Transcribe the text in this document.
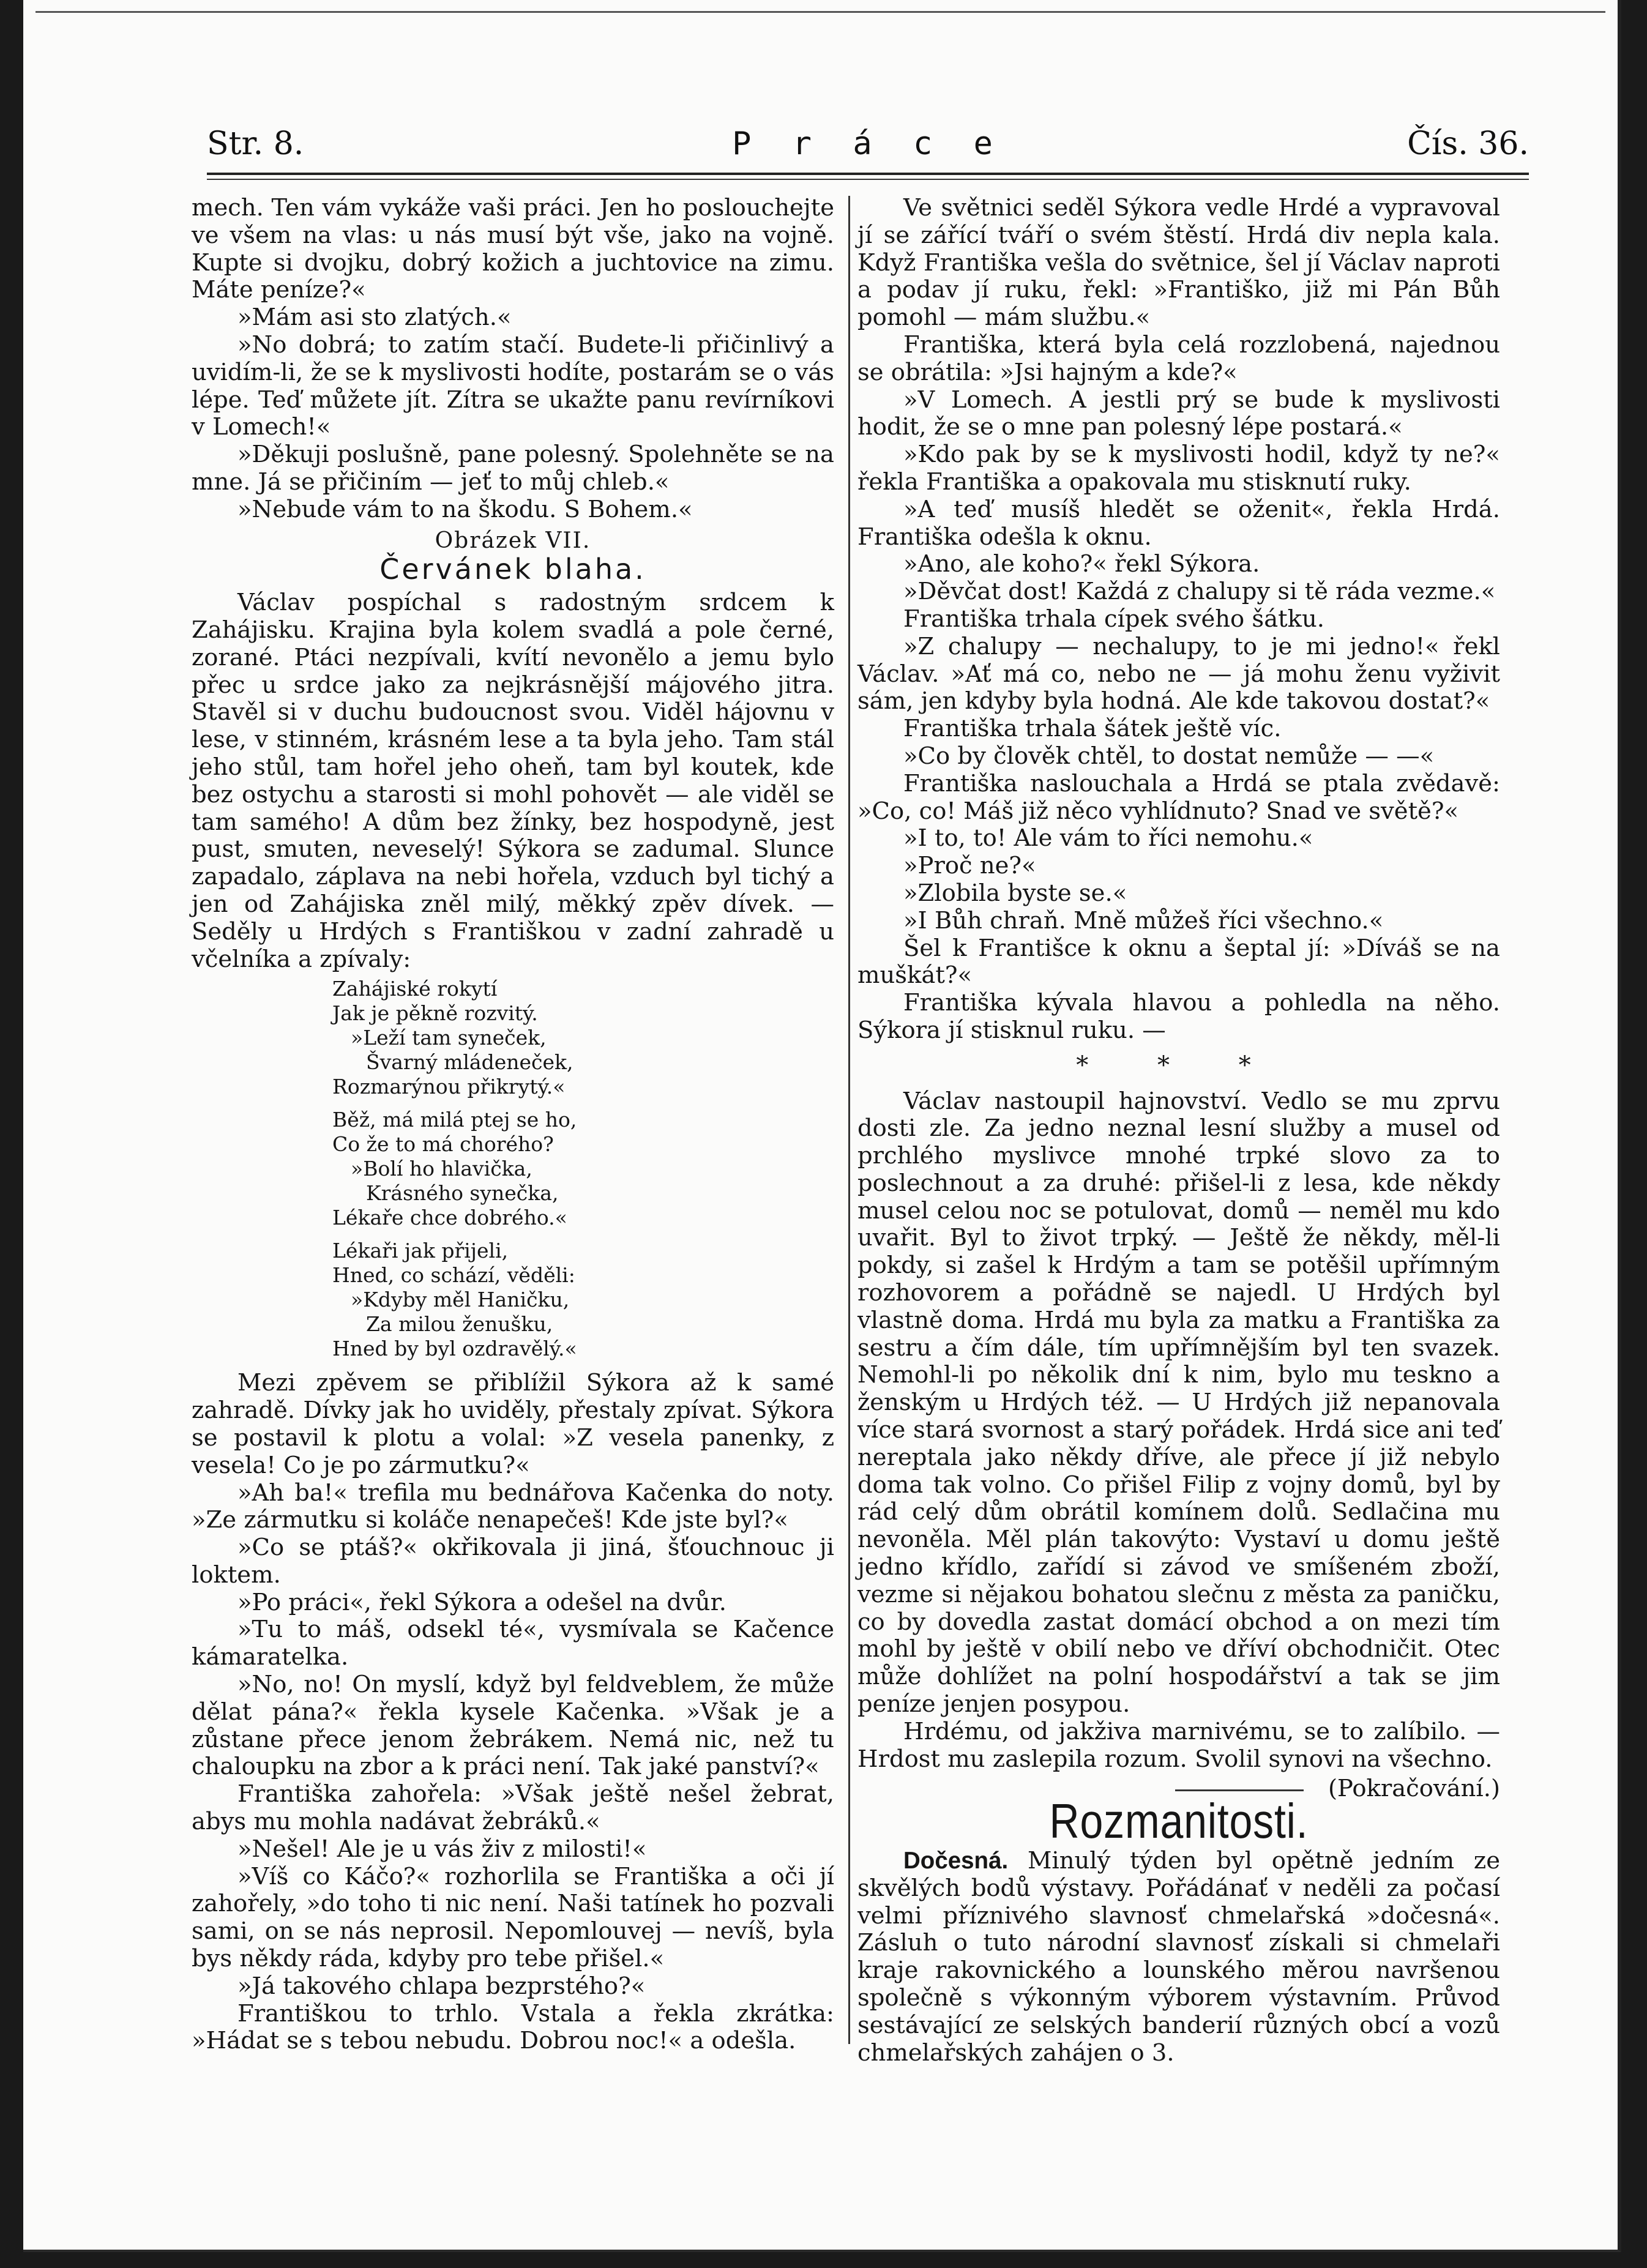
Str. 8.	P r á c e	Čís. 36.

mech. Ten vám vykáže vaši práci. Jen ho poslouchejte ve všem na vlas: u nás musí být vše, jako na vojně. Kupte si dvojku, dobrý kožich a juchtovice na zimu. Máte peníze?«

»Mám asi sto zlatých.«

»No dobrá; to zatím stačí. Budete-li přičinlivý a uvidím-li, že se k myslivosti hodíte, postarám se o vás lépe. Teď můžete jít. Zítra se ukažte panu revírníkovi v Lomech!«

»Děkuji poslušně, pane polesný. Spolehněte se na mne. Já se přičiním — jeť to můj chleb.«

»Nebude vám to na škodu. S Bohem.«

Obrázek VII.
Červánek blaha.

Václav pospíchal s radostným srdcem k Zahájisku. Krajina byla kolem svadlá a pole černé, zorané. Ptáci nezpívali, kvítí nevonělo a jemu bylo přec u srdce jako za nejkrásnější májového jitra. Stavěl si v duchu budoucnost svou. Viděl hájovnu v lese, v stinném, krásném lese a ta byla jeho. Tam stál jeho stůl, tam hořel jeho oheň, tam byl koutek, kde bez ostychu a starosti si mohl pohovět — ale viděl se tam samého! A dům bez žínky, bez hospodyně, jest pust, smuten, neveselý! Sýkora se zadumal. Slunce zapadalo, záplava na nebi hořela, vzduch byl tichý a jen od Zahájiska zněl milý, měkký zpěv dívek. — Seděly u Hrdých s Františkou v zadní zahradě u včelníka a zpívaly:

Zahájiské rokytí
Jak je pěkně rozvitý.
»Leží tam syneček,
Švarný mládeneček,
Rozmarýnou přikrytý.«
Běž, má milá ptej se ho,
Co že to má chorého?
»Bolí ho hlavička,
Krásného synečka,
Lékaře chce dobrého.«
Lékaři jak přijeli,
Hned, co schází, věděli:
»Kdyby měl Haničku,
Za milou ženušku,
Hned by byl ozdravělý.«

Mezi zpěvem se přiblížil Sýkora až k samé zahradě. Dívky jak ho uviděly, přestaly zpívat. Sýkora se postavil k plotu a volal: »Z vesela panenky, z vesela! Co je po zármutku?«

»Ah ba!« trefila mu bednářova Kačenka do noty. »Ze zármutku si koláče nenapečeš! Kde jste byl?«

»Co se ptáš?« okřikovala ji jiná, šťouchnouc ji loktem.

»Po práci«, řekl Sýkora a odešel na dvůr.

»Tu to máš, odsekl té«, vysmívala se Kačence kámaratelka.

»No, no! On myslí, když byl feldveblem, že může dělat pána?« řekla kysele Kačenka. »Však je a zůstane přece jenom žebrákem. Nemá nic, než tu chaloupku na zbor a k práci není. Tak jaké panství?«

Františka zahořela: »Však ještě nešel žebrat, abys mu mohla nadávat žebráků.«

»Nešel! Ale je u vás živ z milosti!«

»Víš co Káčo?« rozhorlila se Františka a oči jí zahořely, »do toho ti nic není. Naši tatínek ho pozvali sami, on se nás neprosil. Nepomlouvej — nevíš, byla bys někdy ráda, kdyby pro tebe přišel.«

»Já takového chlapa bezprstého?«

Františkou to trhlo. Vstala a řekla zkrátka: »Hádat se s tebou nebudu. Dobrou noc!« a odešla.

Ve světnici seděl Sýkora vedle Hrdé a vypravoval jí se zářící tváří o svém štěstí. Hrdá div nepla kala. Když Františka vešla do světnice, šel jí Václav naproti a podav jí ruku, řekl: »Františko, již mi Pán Bůh pomohl — mám službu.«

Františka, která byla celá rozzlobená, najednou se obrátila: »Jsi hajným a kde?«

»V Lomech. A jestli prý se bude k myslivosti hodit, že se o mne pan polesný lépe postará.«

»Kdo pak by se k myslivosti hodil, když ty ne?« řekla Františka a opakovala mu stisknutí ruky.

»A teď musíš hledět se oženit«, řekla Hrdá. Františka odešla k oknu.

»Ano, ale koho?« řekl Sýkora.

»Děvčat dost! Každá z chalupy si tě ráda vezme.«

Františka trhala cípek svého šátku.

»Z chalupy — nechalupy, to je mi jedno!« řekl Václav. »Ať má co, nebo ne — já mohu ženu vyživit sám, jen kdyby byla hodná. Ale kde takovou dostat?«

Františka trhala šátek ještě víc.

»Co by člověk chtěl, to dostat nemůže — —«

Františka naslouchala a Hrdá se ptala zvědavě: »Co, co! Máš již něco vyhlídnuto? Snad ve světě?«

»I to, to! Ale vám to říci nemohu.«

»Proč ne?«

»Zlobila byste se.«

»I Bůh chraň. Mně můžeš říci všechno.«

Šel k Františce k oknu a šeptal jí: »Díváš se na muškát?«

Františka kývala hlavou a pohledla na něho. Sýkora jí stisknul ruku. —

* * *

Václav nastoupil hajnovství. Vedlo se mu zprvu dosti zle. Za jedno neznal lesní služby a musel od prchlého myslivce mnohé trpké slovo za to poslechnout a za druhé: přišel-li z lesa, kde někdy musel celou noc se potulovat, domů — neměl mu kdo uvařit. Byl to život trpký. — Ještě že někdy, měl-li pokdy, si zašel k Hrdým a tam se potěšil upřímným rozhovorem a pořádně se najedl. U Hrdých byl vlastně doma. Hrdá mu byla za matku a Františka za sestru a čím dále, tím upřímnějším byl ten svazek. Nemohl-li po několik dní k nim, bylo mu teskno a ženským u Hrdých též. — U Hrdých již nepanovala více stará svornost a starý pořádek. Hrdá sice ani teď nereptala jako někdy dříve, ale přece jí již nebylo doma tak volno. Co přišel Filip z vojny domů, byl by rád celý dům obrátil komínem dolů. Sedlačina mu nevoněla. Měl plán takovýto: Vystaví u domu ještě jedno křídlo, zařídí si závod ve smíšeném zboží, vezme si nějakou bohatou slečnu z města za paničku, co by dovedla zastat domácí obchod a on mezi tím mohl by ještě v obilí nebo ve dříví obchodničit. Otec může dohlížet na polní hospodářství a tak se jim peníze jenjen posypou.

Hrdému, od jakživa marnivému, se to zalíbilo. — Hrdost mu zaslepila rozum. Svolil synovi na všechno.

(Pokračování.)
Rozmanitosti.

Dočesná. Minulý týden byl opětně jedním ze skvělých bodů výstavy. Pořádánať v neděli za počasí velmi příznivého slavnosť chmelařská »dočesná«. Zásluh o tuto národní slavnosť získali si chmelaři kraje rakovnického a lounského měrou navršenou společně s výkonným výborem výstavním. Průvod sestávající ze selských banderií různých obcí a vozů chmelařských zahájen o 3.
